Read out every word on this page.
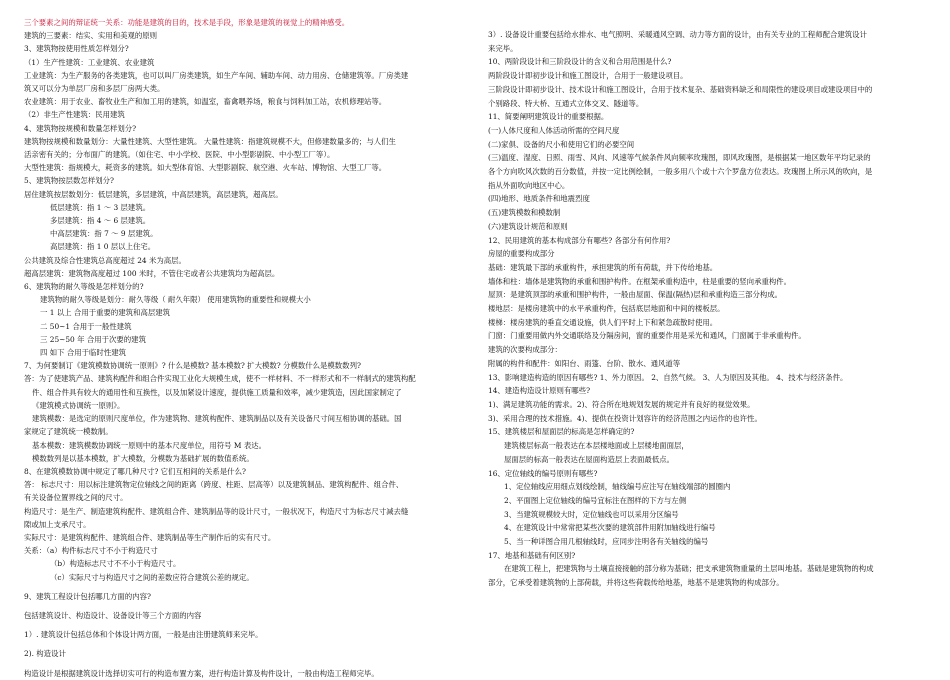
三个要素之间的辩证统一关系：功能是建筑的目的，技术是手段，形象是建筑的视觉上的精神感受。
建筑的三要素：结实、实用和美观的原则
3、建筑物按使用性质怎样划分?
（1）生产性建筑：工业建筑、农业建筑
工业建筑：为生产服务的各类建筑，也可以叫厂房类建筑，如生产车间、辅助车间、动力用房、仓储建筑等。厂房类建
筑又可以分为单层厂房和多层厂房两大类。
农业建筑：用于农业、畜牧业生产和加工用的建筑，如温室，畜禽喂养场，粮食与饲料加工站，农机修理站等。
（2）非生产性建筑：民用建筑
4、建筑物按规模和数量怎样划分?
建筑物按规模和数量划分：大量性建筑、大型性建筑。 大量性建筑：指建筑规模不大，但修建数量多的；与人们生
活亲密有关的；分布面广的建筑。（如住宅、中小学校、医院、中小型影剧院、中小型工厂等）。
大型性建筑：指规模大，耗资多的建筑。如大型体育馆、大型影剧院、航空港、火车站、博物馆、大型工厂等。
5、建筑物按层数怎样划分?
居住建筑按层数划分：低层建筑，多层建筑，中高层建筑，高层建筑，超高层。
低层建筑：指 1 ～ 3 层建筑。
多层建筑：指 4 ～ 6 层建筑。
中高层建筑：指 7 ～ 9 层建筑。
高层建筑：指 1 0 层以上住宅。
公共建筑及综合性建筑总高度超过 24 米为高层。
超高层建筑：建筑物高度超过 100 米时，不管住宅或者公共建筑均为超高层。
6、建筑物的耐久等级是怎样划分的?
建筑物的耐久等级是划分：耐久等级（ 耐久年限） 使用建筑物的重要性和规模大小
一 1 以上 合用于重要的建筑和高层建筑
二 50~1 合用于一般性建筑
三 25~50 年 合用于次要的建筑
四 如下 合用于临时性建筑
7、为何要制订《建筑模数协调统一原则》? 什么是模数? 基本模数? 扩大模数? 分模数什么是模数数列?
答：为了使建筑产品、建筑构配件和组合件实现工业化大规模生成，使不一样材料、不一样形式和不一样制式的建筑构配
件、组合件具有较大的通用性和互换性，以及加紧设计速度，提供施工质量和效率，减少建筑造，因此国家制定了
《建筑模式协调统一原则》。
建筑模数：是选定的原则尺度单位，作为建筑物、建筑构配件、建筑制品以及有关设备尺寸间互相协调的基础。国
家规定了建筑统一模数制。
基本模数：建筑模数协调统一原则中的基本尺度单位，用符号 M 表达。
模数数列是以基本模数，扩大模数，分模数为基础扩展的数值系统。
8、在建筑模数协调中规定了哪几种尺寸? 它们互相间的关系是什么?
答： 标志尺寸：用以标注建筑物定位轴线之间的距离（跨度、柱距、层高等）以及建筑制品、建筑构配件、组合件、
有关设备位置界线之间的尺寸。
构造尺寸：是生产、制造建筑构配件、建筑组合件、建筑制品等的设计尺寸，一般状况下，构造尺寸为标志尺寸减去缝
隙或加上支承尺寸。
实际尺寸：是建筑构配件、建筑组合件、建筑制品等生产制作后的实有尺寸。
关系：（a）构件标志尺寸不小于构造尺寸
（b）构造标志尺寸不不小于构造尺寸。
（c）实际尺寸与构造尺寸之间的差数应符合建筑公差的规定。
9、建筑工程设计包括哪几方面的内容?
包括建筑设计、构造设计、设备设计等三个方面的内容
1）. 建筑设计包括总体和个体设计两方面，一般是由注册建筑师来完毕。
2). 构造设计
构造设计是根据建筑设计选择切实可行的构造布置方案，进行构造计算及构件设计，一般由构造工程师完毕。
3）. 设备设计重要包括给水排水、电气照明、采暖通风空调、动力等方面的设计，由有关专业的工程师配合建筑设计
来完毕。
10、两阶段设计和三阶段设计的含义和合用范围是什么?
两阶段设计即初步设计和施工图设计，合用于一般建设项目。
三阶段设计即初步设计、技术设计和施工图设计，合用于技术复杂、基础资料缺乏和局限性的建设项目或建设项目中的
个别路段、特大桥、互通式立体交叉、隧道等。
11、简要阐明建筑设计的重要根据。
(一)人体尺度和人体活动所需的空间尺度
(二)家俱、设备的尺小和使用它们的必要空间
(三)温度、湿度、日照、雨雪、风向、风速等气候条件风向频率玫瑰图，即风玫瑰图，是根据某一地区数年平均记录的
各个方向吹风次数的百分数值，并按一定比例绘制，一般多用八个或十六个罗盘方位表达。玫瑰图上所示风的吹向，是
指从外面吹向地区中心。
(四)地形、地质条件和地震烈度
(五)建筑模数和模数制
(六)建筑设计规范和原则
12、民用建筑的基本构成部分有哪些? 各部分有何作用?
房屋的重要构成部分
基础：建筑最下部的承重构件，承担建筑的所有荷载，并下传给地基。
墙体和柱：墙体是建筑物的承重和围护构件。在框架承重构造中，柱是重要的竖向承重构件。
屋顶：是建筑顶部的承重和围护构件，一般由屋面、保温(隔热)层和承重构造三部分构成。
楼地层：是楼房建筑中的水平承重构件，包括底层地面和中间的楼板层。
楼梯：楼房建筑的垂直交通设施，供人们平时上下和紧急疏散时使用。
门窗：门重要用做内外交通联络及分隔房间，窗的重要作用是采光和通风，门窗属于非承重构件。
建筑的次要构成部分：
附属的构件和配件：如阳台、雨篷、台阶、散水、通风道等
13、影响建造构造的原因有哪些? 1、外力原因。 2、自然气候。 3、人为原因及其他。 4、技术与经济条件。
14、建造构造设计原则有哪些?
1)、满足建筑功能的需求。2)、符合所在地规划发展的规定并有良好的视觉效果。
3)、采用合理的技术措施。4)、提供在投资计划容许的经济范围之内运作的也许性。
15、建筑楼层和屋面层的标高是怎样确定的?
建筑楼层标高一般表达在本层楼地面或上层楼地面面层，
屋面层的标高一般表达在屋面构造层上表面最低点。
16、定位轴线的编号原则有哪些?
1、定位轴线应用细点划线绘制，轴线编号应注写在轴线端部的圆圈内
2、平面图上定位轴线的编号宜标注在图样的下方与左侧
3、当建筑规模较大时，定位轴线也可以采用分区编号
4、在建筑设计中常常把某些次要的建筑部件用附加轴线进行编号
5、当一种详图合用几根轴线时，应同步注明各有关轴线的编号
17、地基和基础有何区别?
在建筑工程上，把建筑物与土壤直接接触的部分称为基础；把支承建筑物重量的土层叫地基。基础是建筑物的构成
部分，它承受着建筑物的上部荷载，并将这些荷载传给地基，地基不是建筑物的构成部分。
